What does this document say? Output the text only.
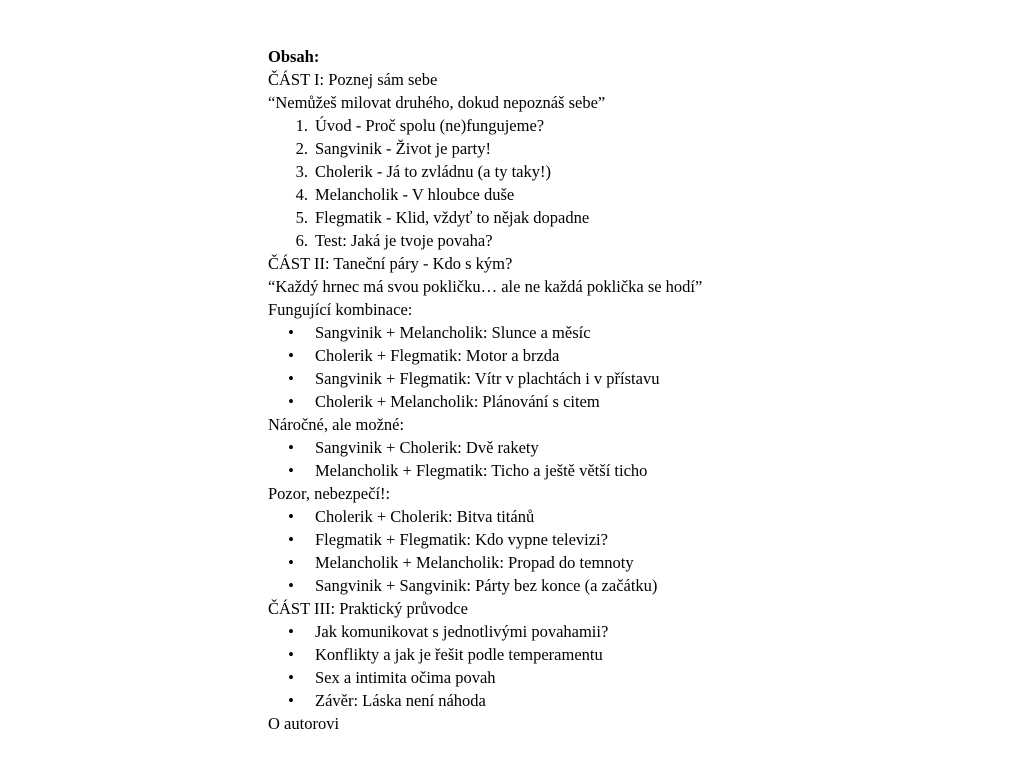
Obsah:

ČÁST I: Poznej sám sebe

“Nemůžeš milovat druhého, dokud nepoznáš sebe”

1. Úvod - Proč spolu (ne)fungujeme?
2. Sangvinik - Život je party!
3. Cholerik - Já to zvládnu (a ty taky!)
4. Melancholik - V hloubce duše
5. Flegmatik - Klid, vždyť to nějak dopadne
6. Test: Jaká je tvoje povaha?

ČÁST II: Taneční páry - Kdo s kým?

“Každý hrnec má svou pokličku… ale ne každá poklička se hodí”

Fungující kombinace:

• Sangvinik + Melancholik: Slunce a měsíc
• Cholerik + Flegmatik: Motor a brzda
• Sangvinik + Flegmatik: Vítr v plachtách i v přístavu
• Cholerik + Melancholik: Plánování s citem

Náročné, ale možné:

• Sangvinik + Cholerik: Dvě rakety
• Melancholik + Flegmatik: Ticho a ještě větší ticho

Pozor, nebezpečí!:

• Cholerik + Cholerik: Bitva titánů
• Flegmatik + Flegmatik: Kdo vypne televizi?
• Melancholik + Melancholik: Propad do temnoty
• Sangvinik + Sangvinik: Párty bez konce (a začátku)

ČÁST III: Praktický průvodce

• Jak komunikovat s jednotlivými povahamii?
• Konflikty a jak je řešit podle temperamentu
• Sex a intimita očima povah
• Závěr: Láska není náhoda

O autorovi
